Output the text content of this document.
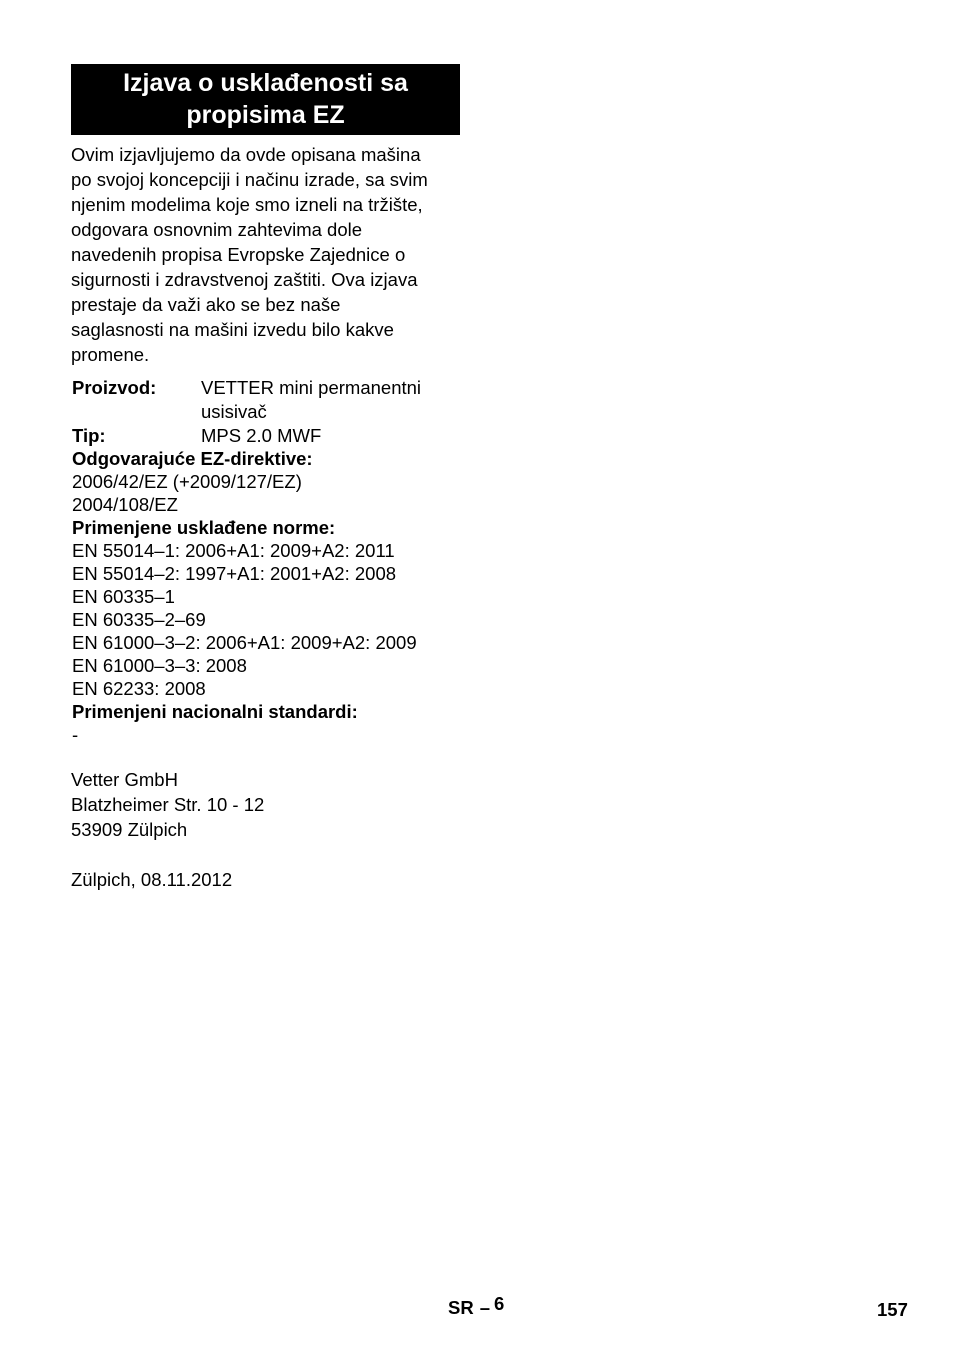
Izjava o usklađenosti sa
propisima EZ
Ovim izjavljujemo da ovde opisana mašina
po svojoj koncepciji i načinu izrade, sa svim
njenim modelima koje smo izneli na tržište,
odgovara osnovnim zahtevima dole
navedenih propisa Evropske Zajednice o
sigurnosti i zdravstvenoj zaštiti. Ova izjava
prestaje da važi ako se bez naše
saglasnosti na mašini izvedu bilo kakve
promene.
Proizvod:	VETTER mini permanentni
usisivač
Tip:	MPS 2.0 MWF
Odgovarajuće EZ-direktive:
2006/42/EZ (+2009/127/EZ)
2004/108/EZ
Primenjene usklađene norme:
EN 55014–1: 2006+A1: 2009+A2: 2011
EN 55014–2: 1997+A1: 2001+A2: 2008
EN 60335–1
EN 60335–2–69
EN 61000–3–2: 2006+A1: 2009+A2: 2009
EN 61000–3–3: 2008
EN 62233: 2008
Primenjeni nacionalni standardi:
-
Vetter GmbH
Blatzheimer Str. 10 - 12
53909 Zülpich
Zülpich, 08.11.2012
SR – 6	157
